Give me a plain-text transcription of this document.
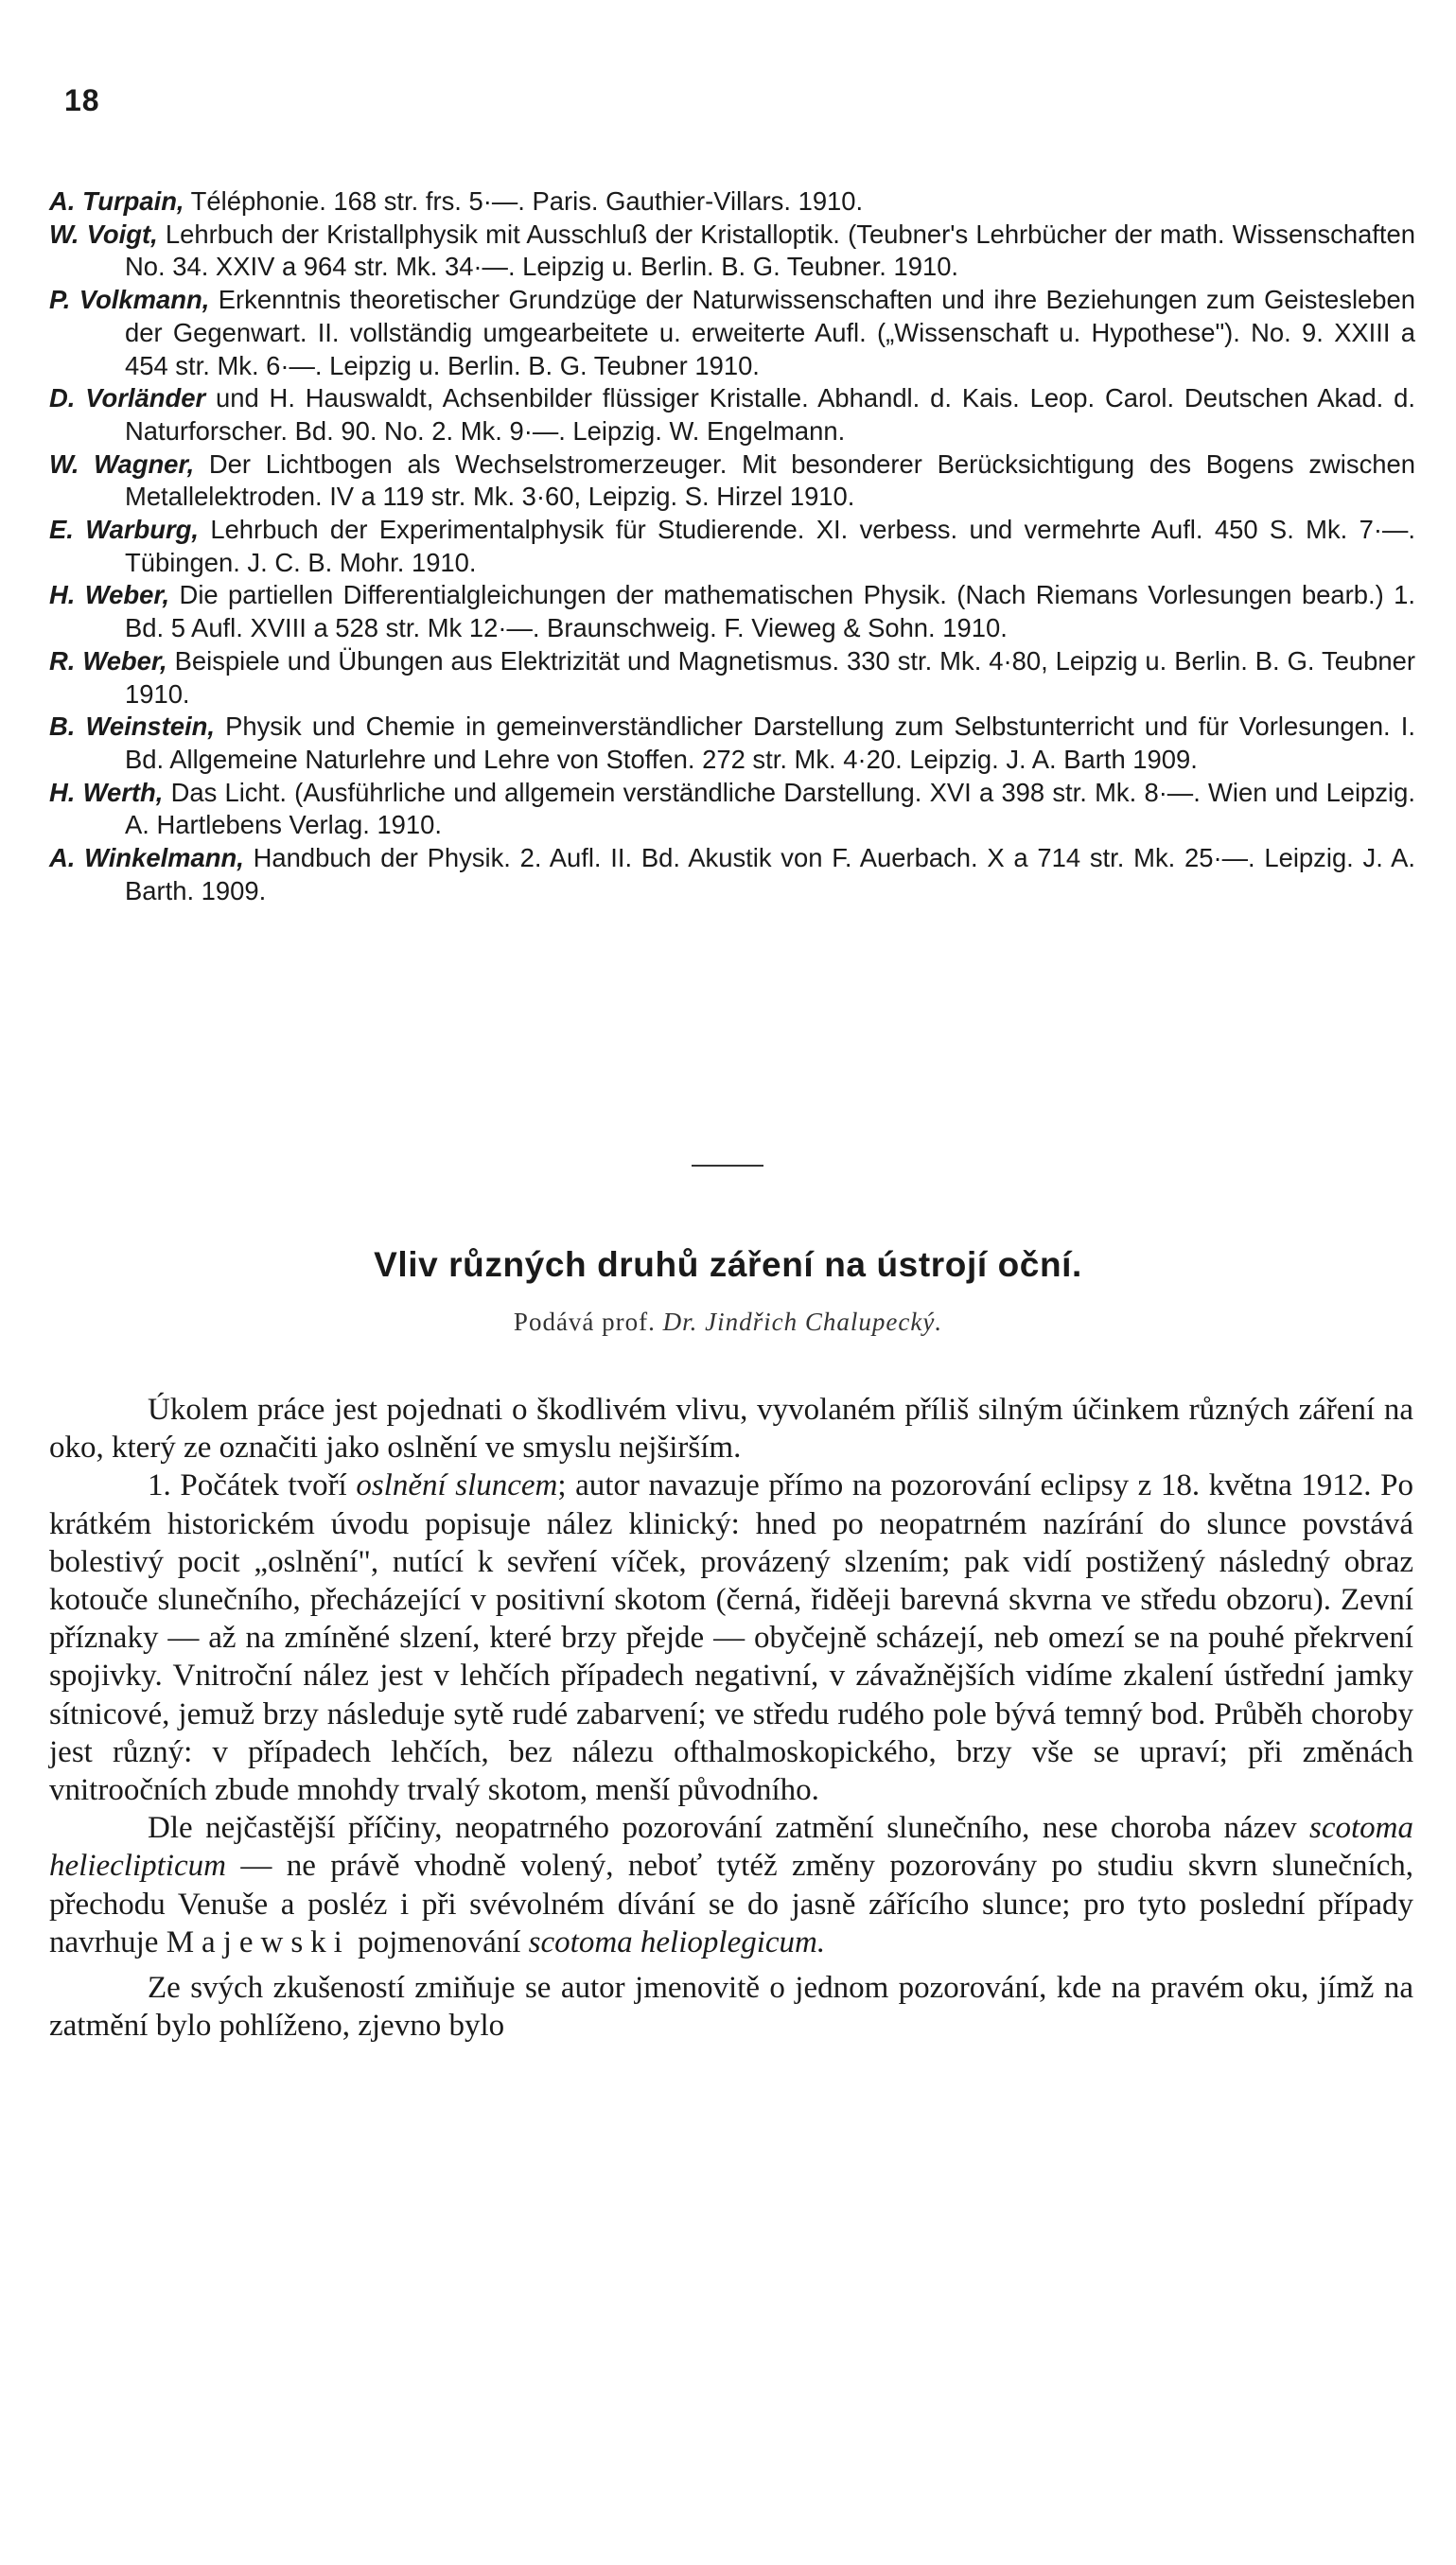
18
A. Turpain, Téléphonie. 168 str. frs. 5·—. Paris. Gauthier-Villars. 1910.
W. Voigt, Lehrbuch der Kristallphysik mit Ausschluß der Kristalloptik. (Teubner's Lehrbücher der math. Wissenschaften No. 34. XXIV a 964 str. Mk. 34·—. Leipzig u. Berlin. B. G. Teubner. 1910.
P. Volkmann, Erkenntnis theoretischer Grundzüge der Naturwissenschaften und ihre Beziehungen zum Geistesleben der Gegenwart. II. vollständig umgearbeitete u. erweiterte Aufl. („Wissenschaft u. Hypothese"). No. 9. XXIII a 454 str. Mk. 6·—. Leipzig u. Berlin. B. G. Teubner 1910.
D. Vorländer und H. Hauswaldt, Achsenbilder flüssiger Kristalle. Abhandl. d. Kais. Leop. Carol. Deutschen Akad. d. Naturforscher. Bd. 90. No. 2. Mk. 9·—. Leipzig. W. Engelmann.
W. Wagner, Der Lichtbogen als Wechselstromerzeuger. Mit besonderer Berücksichtigung des Bogens zwischen Metallelektroden. IV a 119 str. Mk. 3·60, Leipzig. S. Hirzel 1910.
E. Warburg, Lehrbuch der Experimentalphysik für Studierende. XI. verbess. und vermehrte Aufl. 450 S. Mk. 7·—. Tübingen. J. C. B. Mohr. 1910.
H. Weber, Die partiellen Differentialgleichungen der mathematischen Physik. (Nach Riemans Vorlesungen bearb.) 1. Bd. 5 Aufl. XVIII a 528 str. Mk 12·—. Braunschweig. F. Vieweg & Sohn. 1910.
R. Weber, Beispiele und Übungen aus Elektrizität und Magnetismus. 330 str. Mk. 4·80, Leipzig u. Berlin. B. G. Teubner 1910.
B. Weinstein, Physik und Chemie in gemeinverständlicher Darstellung zum Selbstunterricht und für Vorlesungen. I. Bd. Allgemeine Naturlehre und Lehre von Stoffen. 272 str. Mk. 4·20. Leipzig. J. A. Barth 1909.
H. Werth, Das Licht. (Ausführliche und allgemein verständliche Darstellung. XVI a 398 str. Mk. 8·—. Wien und Leipzig. A. Hartlebens Verlag. 1910.
A. Winkelmann, Handbuch der Physik. 2. Aufl. II. Bd. Akustik von F. Auerbach. X a 714 str. Mk. 25·—. Leipzig. J. A. Barth. 1909.
Vliv různých druhů záření na ústrojí oční.
Podává prof. Dr. Jindřich Chalupecký.

Úkolem práce jest pojednati o škodlivém vlivu, vyvolaném příliš silným účinkem různých záření na oko, který ze označiti jako oslnění ve smyslu nejširším.

1. Počátek tvoří oslnění sluncem; autor navazuje přímo na pozorování eclipsy z 18. května 1912. Po krátkém historickém úvodu popisuje nález klinický: hned po neopatrném nazírání do slunce povstává bolestivý pocit „oslnění", nutící k sevření víček, provázený slzením; pak vidí postižený následný obraz kotouče slunečního, přecházející v positivní skotom (černá, řiděeji barevná skvrna ve středu obzoru). Zevní příznaky — až na zmíněné slzení, které brzy přejde — obyčejně scházejí, neb omezí se na pouhé překrvení spojivky. Vnitroční nález jest v lehčích případech negativní, v závažnějších vidíme zkalení ústřední jamky sítnicové, jemuž brzy následuje sytě rudé zabarvení; ve středu rudého pole bývá temný bod. Průběh choroby jest různý: v případech lehčích, bez nálezu ofthalmoskopického, brzy vše se upraví; při změnách vnitroočních zbude mnohdy trvalý skotom, menší původního.

Dle nejčastější příčiny, neopatrného pozorování zatmění slunečního, nese choroba název scotoma helieclipticum — ne právě vhodně volený, neboť tytéž změny pozorovány po studiu skvrn slunečních, přechodu Venuše a posléz i při svévolném dívání se do jasně zářícího slunce; pro tyto poslední případy navrhuje Majewski pojmenování scotoma helioplegicum.

Ze svých zkušeností zmiňuje se autor jmenovitě o jednom pozorování, kde na pravém oku, jímž na zatmění bylo pohlíženo, zjevno bylo
